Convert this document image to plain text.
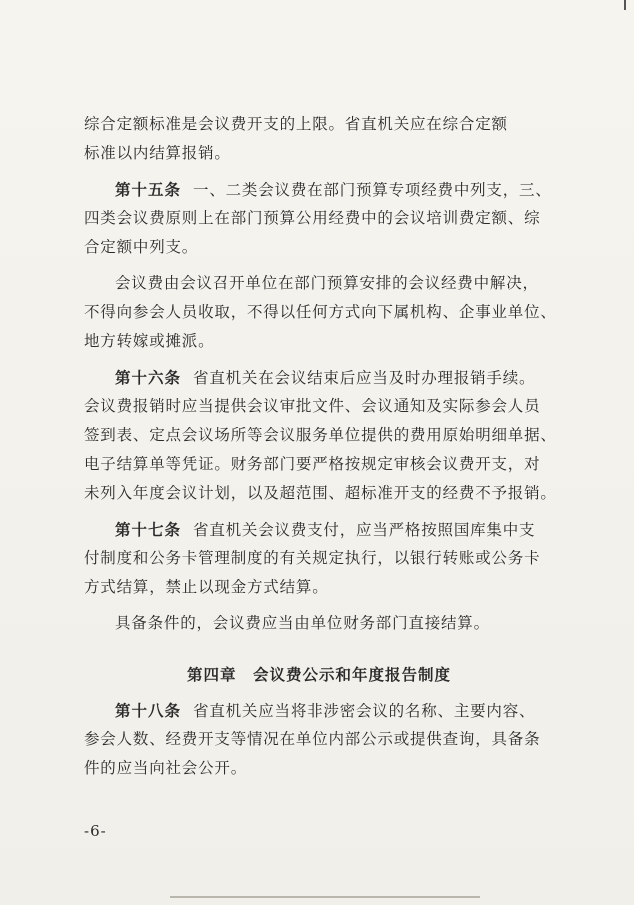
综合定额标准是会议费开支的上限。省直机关应在综合定额
标准以内结算报销。
第十五条 一、二类会议费在部门预算专项经费中列支，三、
四类会议费原则上在部门预算公用经费中的会议培训费定额、综
合定额中列支。
会议费由会议召开单位在部门预算安排的会议经费中解决，
不得向参会人员收取，不得以任何方式向下属机构、企事业单位、
地方转嫁或摊派。
第十六条 省直机关在会议结束后应当及时办理报销手续。
会议费报销时应当提供会议审批文件、会议通知及实际参会人员
签到表、定点会议场所等会议服务单位提供的费用原始明细单据、
电子结算单等凭证。财务部门要严格按规定审核会议费开支，对
未列入年度会议计划，以及超范围、超标准开支的经费不予报销。
第十七条 省直机关会议费支付，应当严格按照国库集中支
付制度和公务卡管理制度的有关规定执行，以银行转账或公务卡
方式结算，禁止以现金方式结算。
具备条件的，会议费应当由单位财务部门直接结算。
第四章　会议费公示和年度报告制度
第十八条 省直机关应当将非涉密会议的名称、主要内容、
参会人数、经费开支等情况在单位内部公示或提供查询，具备条
件的应当向社会公开。
-6-
